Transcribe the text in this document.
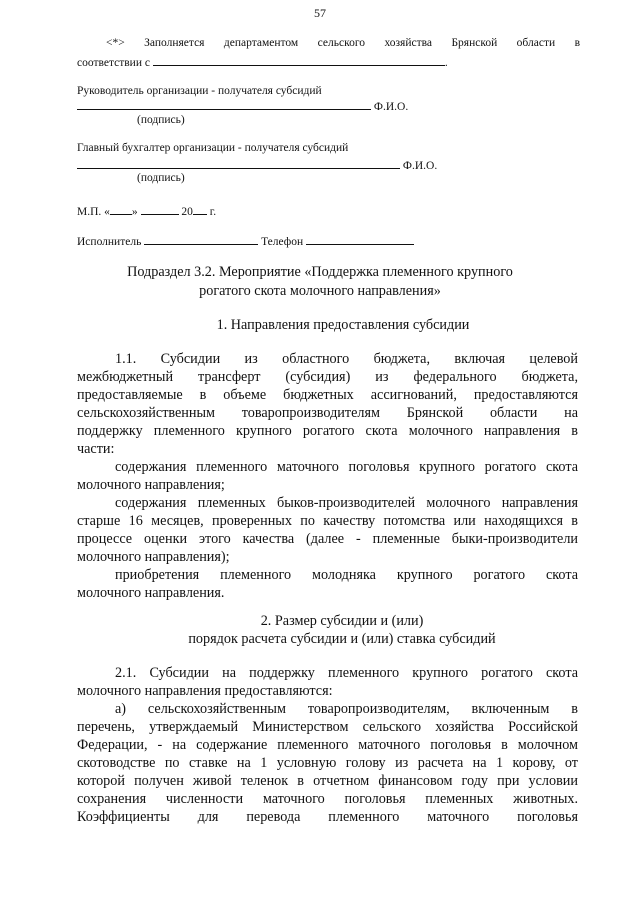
57
<*> Заполняется департаментом сельского хозяйства Брянской области в
соответствии с	.
Руководитель организации - получателя субсидий
Ф.И.О.
(подпись)
Главный бухгалтер организации - получателя субсидий
Ф.И.О.
(подпись)
М.П. « »	20 г.
Исполнитель	Телефон
Подраздел 3.2. Мероприятие «Поддержка племенного крупного
рогатого скота молочного направления»
1. Направления предоставления субсидии
1.1. Субсидии из областного бюджета, включая целевой
межбюджетный трансферт (субсидия) из федерального бюджета,
предоставляемые в объеме бюджетных ассигнований, предоставляются
сельскохозяйственным товаропроизводителям Брянской области на
поддержку племенного крупного рогатого скота молочного направления в
части:
содержания племенного маточного поголовья крупного рогатого скота
молочного направления;
содержания племенных быков-производителей молочного направления
старше 16 месяцев, проверенных по качеству потомства или находящихся в
процессе оценки этого качества (далее - племенные быки-производители
молочного направления);
приобретения племенного молодняка крупного рогатого скота
молочного направления.
2. Размер субсидии и (или)
порядок расчета субсидии и (или) ставка субсидий
2.1. Субсидии на поддержку племенного крупного рогатого скота
молочного направления предоставляются:
а) сельскохозяйственным товаропроизводителям, включенным в
перечень, утверждаемый Министерством сельского хозяйства Российской
Федерации, - на содержание племенного маточного поголовья в молочном
скотоводстве по ставке на 1 условную голову из расчета на 1 корову, от
которой получен живой теленок в отчетном финансовом году при условии
сохранения численности маточного поголовья племенных животных.
Коэффициенты для перевода племенного маточного поголовья
